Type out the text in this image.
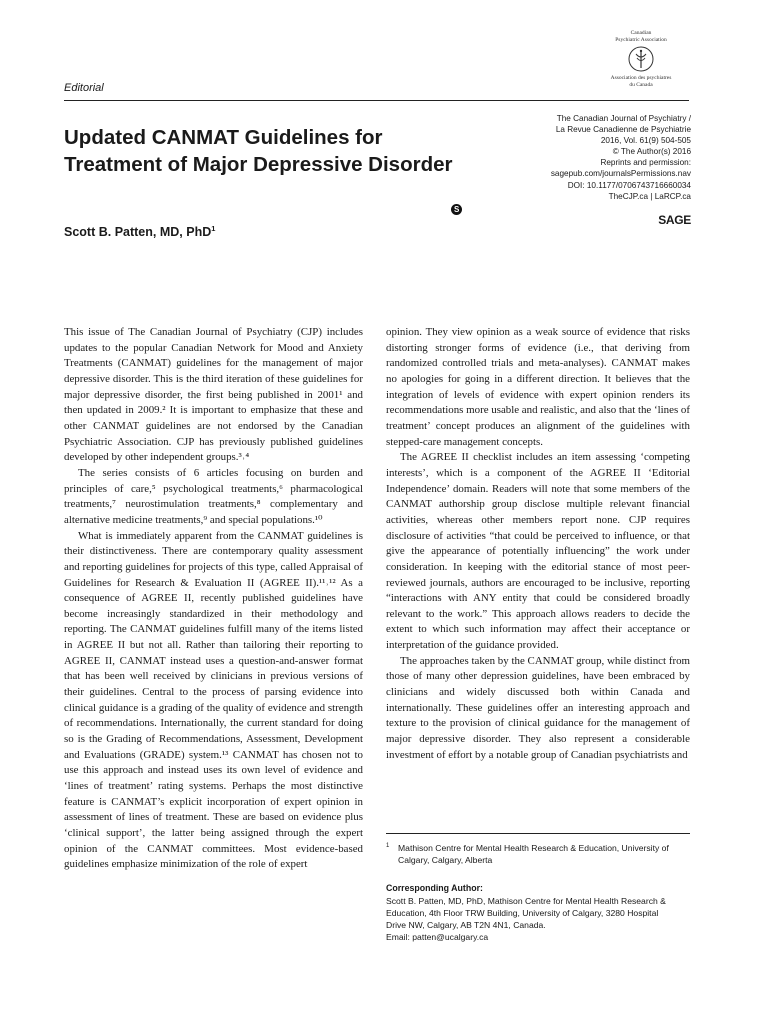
Canadian
Psychiatric Association
Association des psychiatres
du Canada
Editorial
Updated CANMAT Guidelines for
Treatment of Major Depressive Disorder
The Canadian Journal of Psychiatry /
La Revue Canadienne de Psychiatrie
2016, Vol. 61(9) 504-505
© The Author(s) 2016
Reprints and permission:
sagepub.com/journalsPermissions.nav
DOI: 10.1177/0706743716660034
TheCJP.ca | LaRCP.ca
S
SAGE
Scott B. Patten, MD, PhD$^1$

This issue of The Canadian Journal of Psychiatry (CJP) includes updates to the popular Canadian Network for Mood and Anxiety Treatments (CANMAT) guidelines for the management of major depressive disorder. This is the third iteration of these guidelines for major depressive disorder, the first being published in 2001¹ and then updated in 2009.² It is important to emphasize that these and other CANMAT guidelines are not endorsed by the Canadian Psychiatric Association. CJP has previously published guidelines developed by other independent groups.³˒⁴

The series consists of 6 articles focusing on burden and principles of care,⁵ psychological treatments,⁶ pharmacological treatments,⁷ neurostimulation treatments,⁸ complementary and alternative medicine treatments,⁹ and special populations.¹⁰

What is immediately apparent from the CANMAT guidelines is their distinctiveness. There are contemporary quality assessment and reporting guidelines for projects of this type, called Appraisal of Guidelines for Research & Evaluation II (AGREE II).¹¹˒¹² As a consequence of AGREE II, recently published guidelines have become increasingly standardized in their methodology and reporting. The CANMAT guidelines fulfill many of the items listed in AGREE II but not all. Rather than tailoring their reporting to AGREE II, CANMAT instead uses a question-and-answer format that has been well received by clinicians in previous versions of their guidelines. Central to the process of parsing evidence into clinical guidance is a grading of the quality of evidence and strength of recommendations. Internationally, the current standard for doing so is the Grading of Recommendations, Assessment, Development and Evaluations (GRADE) system.¹³ CANMAT has chosen not to use this approach and instead uses its own level of evidence and ‘lines of treatment’ rating systems. Perhaps the most distinctive feature is CANMAT’s explicit incorporation of expert opinion in assessment of lines of treatment. These are based on evidence plus ‘clinical support’, the latter being assigned through the expert opinion of the CANMAT committees. Most evidence-based guidelines emphasize minimization of the role of expert

opinion. They view opinion as a weak source of evidence that risks distorting stronger forms of evidence (i.e., that deriving from randomized controlled trials and meta-analyses). CANMAT makes no apologies for going in a different direction. It believes that the integration of levels of evidence with expert opinion renders its recommendations more usable and realistic, and also that the ‘lines of treatment’ concept produces an alignment of the guidelines with stepped-care management concepts.

The AGREE II checklist includes an item assessing ‘competing interests’, which is a component of the AGREE II ‘Editorial Independence’ domain. Readers will note that some members of the CANMAT authorship group disclose multiple relevant financial activities, whereas other members report none. CJP requires disclosure of activities “that could be perceived to influence, or that give the appearance of potentially influencing” the work under consideration. In keeping with the editorial stance of most peer-reviewed journals, authors are encouraged to be inclusive, reporting “interactions with ANY entity that could be considered broadly relevant to the work.” This approach allows readers to decide the extent to which such information may affect their acceptance or interpretation of the guidance provided.

The approaches taken by the CANMAT group, while distinct from those of many other depression guidelines, have been embraced by clinicians and widely discussed both within Canada and internationally. These guidelines offer an interesting approach and texture to the provision of clinical guidance for the management of major depressive disorder. They also represent a considerable investment of effort by a notable group of Canadian psychiatrists and

1	Mathison Centre for Mental Health Research & Education, University of Calgary, Calgary, Alberta
Corresponding Author:
Scott B. Patten, MD, PhD, Mathison Centre for Mental Health Research &
Education, 4th Floor TRW Building, University of Calgary, 3280 Hospital
Drive NW, Calgary, AB T2N 4N1, Canada.
Email: patten@ucalgary.ca
